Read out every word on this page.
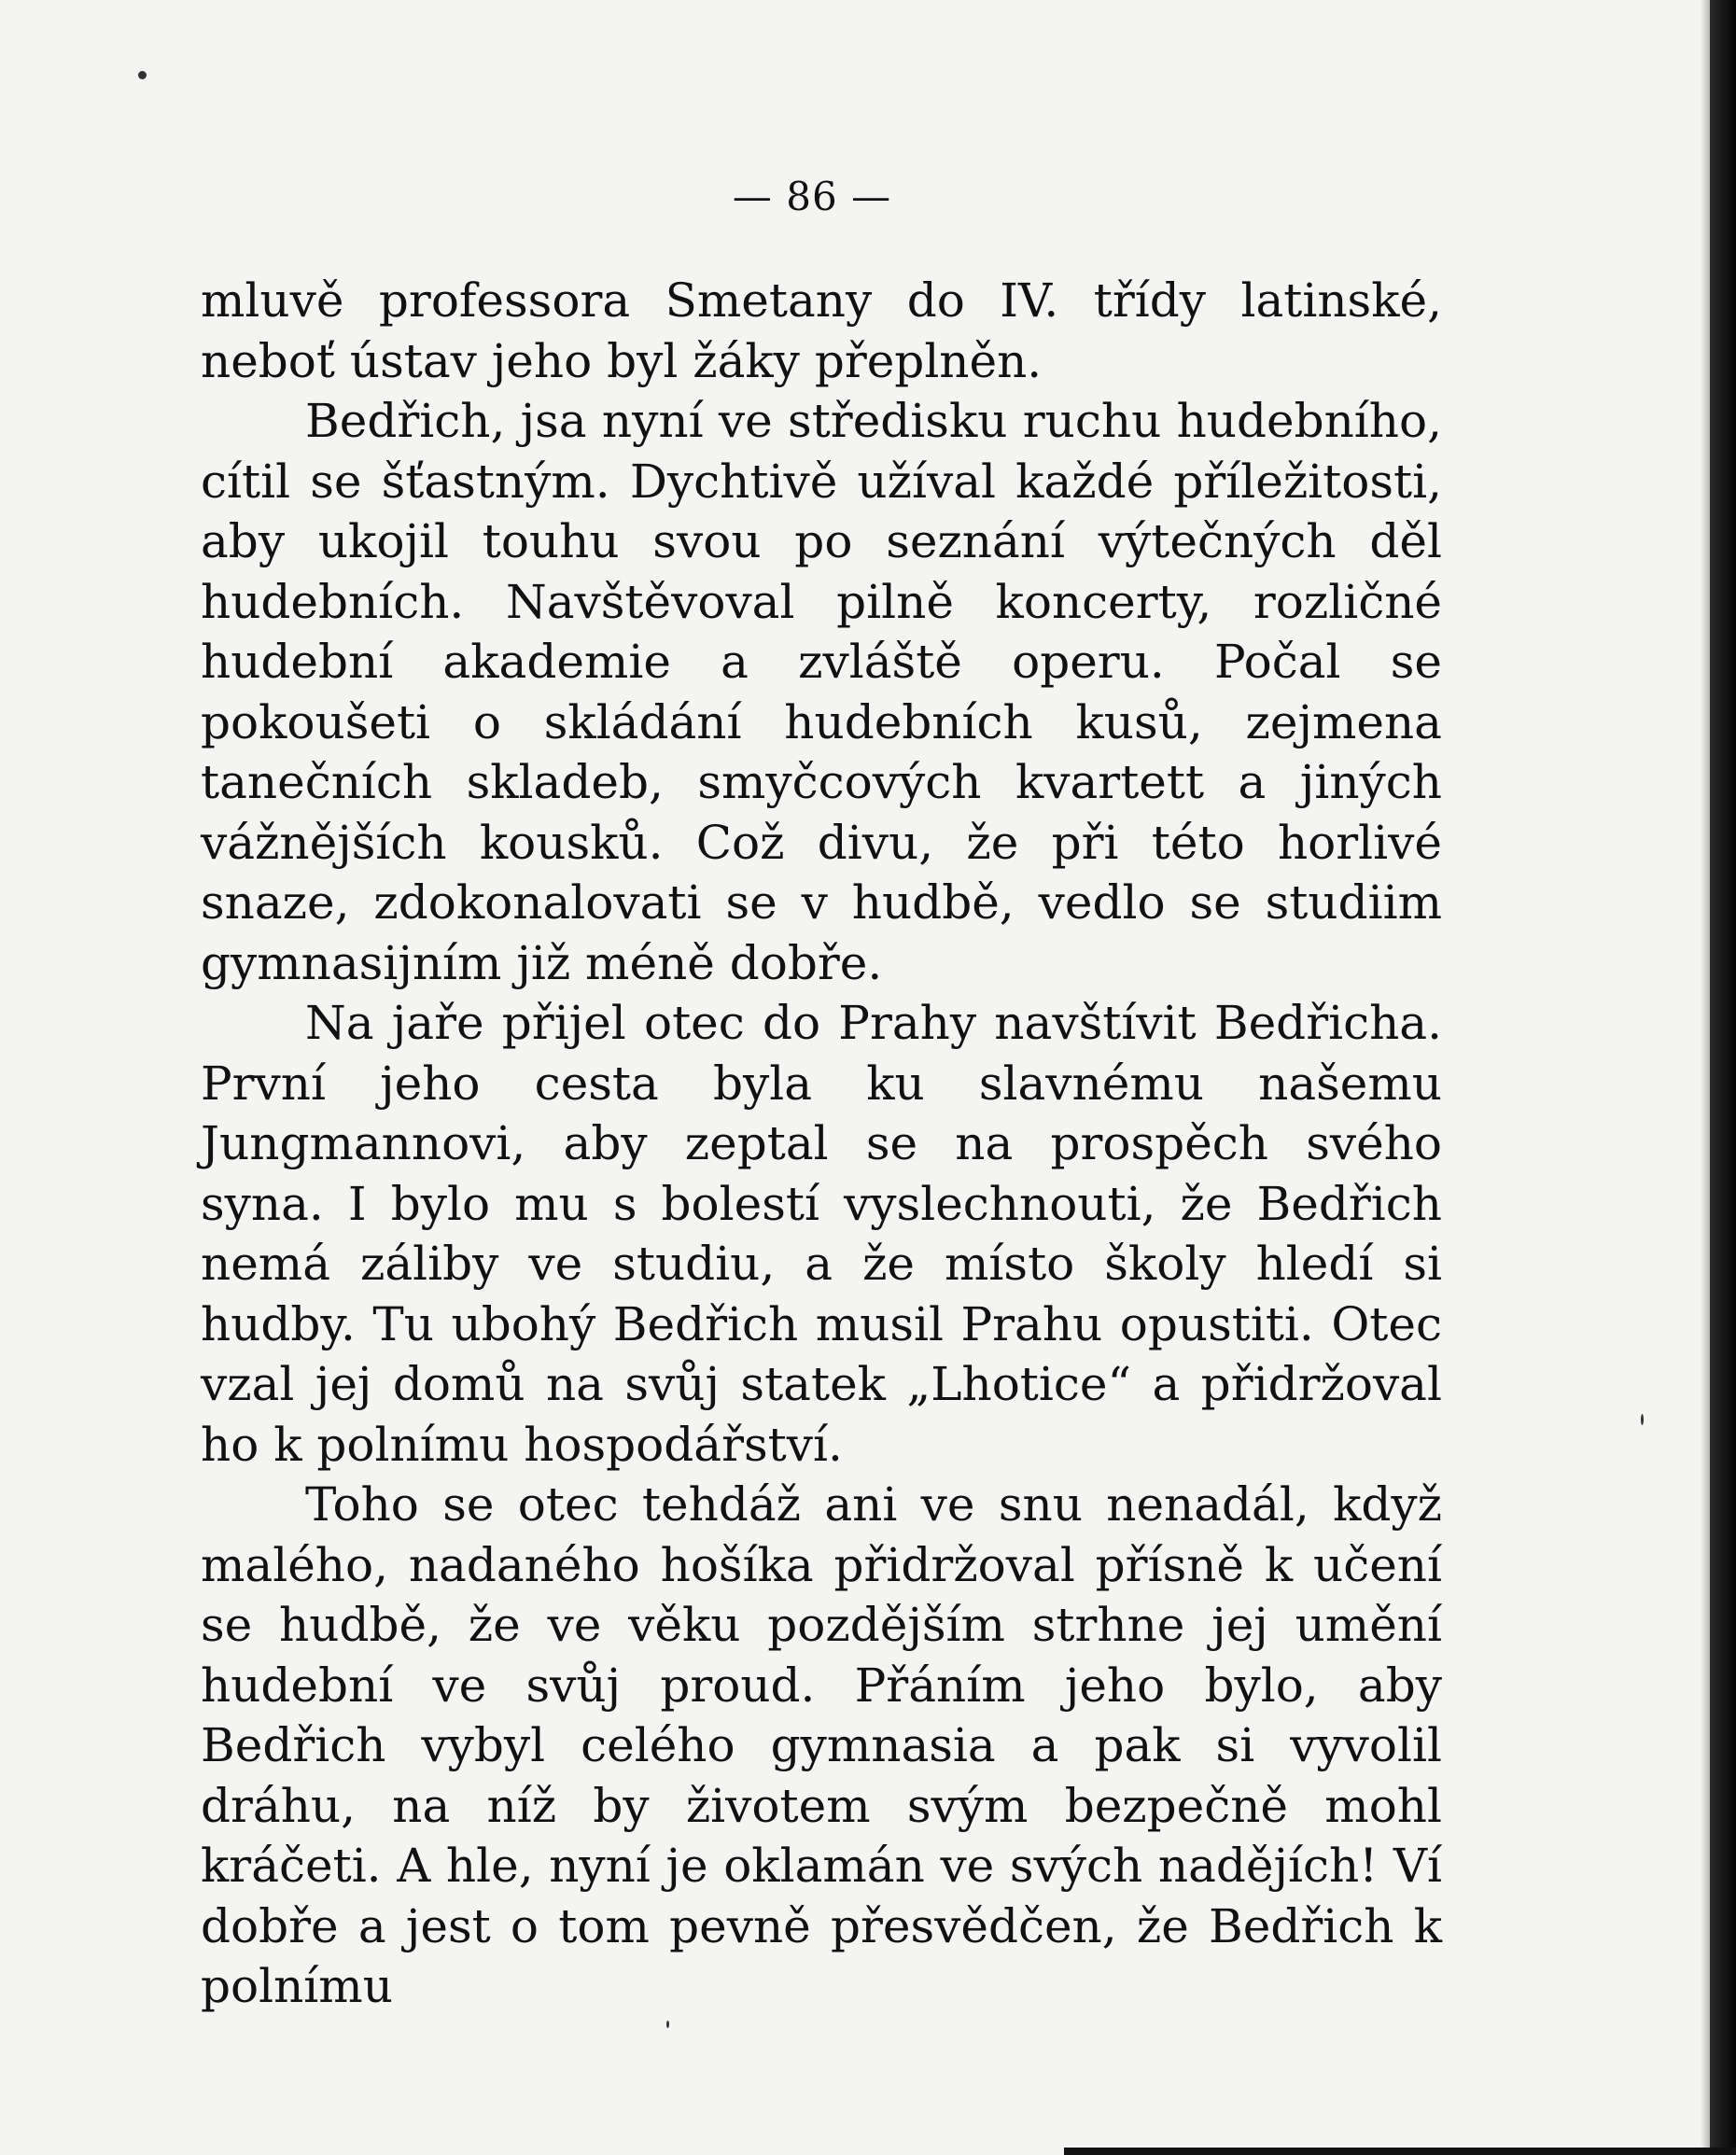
— 86 —

mluvě professora Smetany do IV. třídy latinské, neboť ústav jeho byl žáky přeplněn.

Bedřich, jsa nyní ve středisku ruchu hudebního, cítil se šťastným. Dychtivě užíval každé příležitosti, aby ukojil touhu svou po seznání výtečných děl hudebních. Navštěvoval pilně koncerty, rozličné hudební akademie a zvláště operu. Počal se pokoušeti o skládání hudebních kusů, zejmena tanečních skladeb, smyčcových kvartett a jiných vážnějších kousků. Což divu, že při této horlivé snaze, zdokonalovati se v hudbě, vedlo se studiim gymnasijním již méně dobře.

Na jaře přijel otec do Prahy navštívit Bedřicha. První jeho cesta byla ku slavnému našemu Jungmannovi, aby zeptal se na prospěch svého syna. I bylo mu s bolestí vyslechnouti, že Bedřich nemá záliby ve studiu, a že místo školy hledí si hudby. Tu ubohý Bedřich musil Prahu opustiti. Otec vzal jej domů na svůj statek „Lhotice“ a přidržoval ho k polnímu hospodářství.

Toho se otec tehdáž ani ve snu nenadál, když malého, nadaného hošíka přidržoval přísně k učení se hudbě, že ve věku pozdějším strhne jej umění hudební ve svůj proud. Přáním jeho bylo, aby Bedřich vybyl celého gymnasia a pak si vyvolil dráhu, na níž by životem svým bezpečně mohl kráčeti. A hle, nyní je oklamán ve svých nadějích! Ví dobře a jest o tom pevně přesvědčen, že Bedřich k polnímu
